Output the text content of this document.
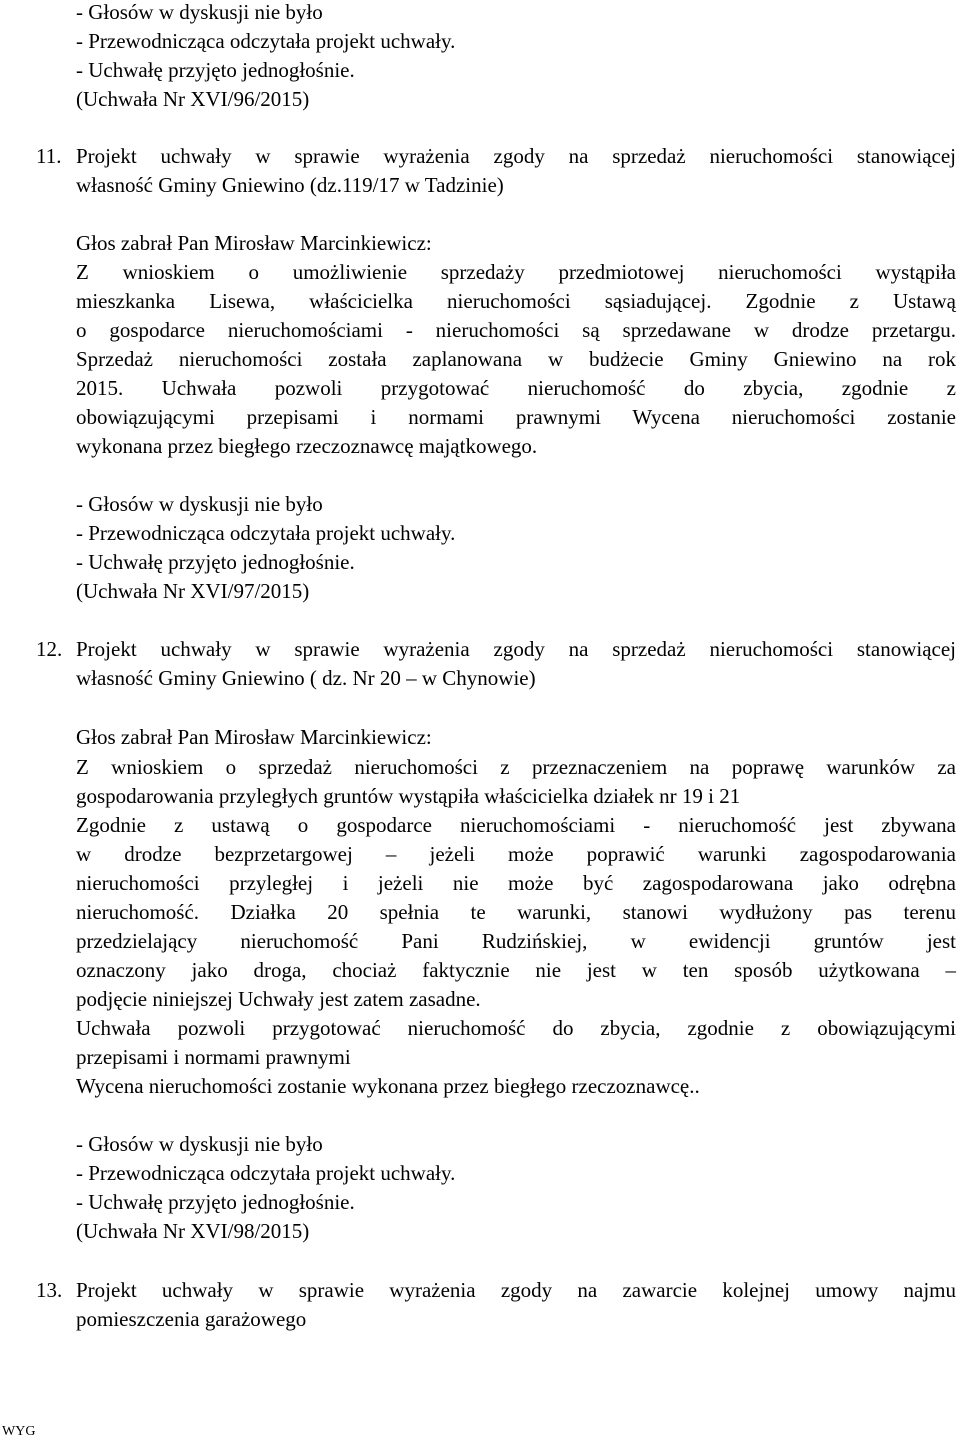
- Głosów w dyskusji nie było
- Przewodnicząca odczytała projekt uchwały.
- Uchwałę przyjęto jednogłośnie.
(Uchwała Nr XVI/96/2015)
11. Projekt uchwały w sprawie wyrażenia zgody na sprzedaż nieruchomości stanowiącej
własność Gminy Gniewino (dz.119/17 w Tadzinie)
Głos zabrał Pan Mirosław Marcinkiewicz:
Z wnioskiem o umożliwienie sprzedaży przedmiotowej nieruchomości wystąpiła
mieszkanka Lisewa, właścicielka nieruchomości sąsiadującej. Zgodnie z Ustawą
o gospodarce nieruchomościami - nieruchomości są sprzedawane w drodze przetargu.
Sprzedaż nieruchomości została zaplanowana w budżecie Gminy Gniewino na rok
2015. Uchwała pozwoli przygotować nieruchomość do zbycia, zgodnie z
obowiązującymi przepisami i normami prawnymi Wycena nieruchomości zostanie
wykonana przez biegłego rzeczoznawcę majątkowego.
- Głosów w dyskusji nie było
- Przewodnicząca odczytała projekt uchwały.
- Uchwałę przyjęto jednogłośnie.
(Uchwała Nr XVI/97/2015)
12. Projekt uchwały w sprawie wyrażenia zgody na sprzedaż nieruchomości stanowiącej
własność Gminy Gniewino ( dz. Nr 20 – w Chynowie)
Głos zabrał Pan Mirosław Marcinkiewicz:
Z wnioskiem o sprzedaż nieruchomości z przeznaczeniem na poprawę warunków za
gospodarowania przyległych gruntów wystąpiła właścicielka działek nr 19 i 21
Zgodnie z ustawą o gospodarce nieruchomościami - nieruchomość jest zbywana
w drodze bezprzetargowej – jeżeli może poprawić warunki zagospodarowania
nieruchomości przyległej i jeżeli nie może być zagospodarowana jako odrębna
nieruchomość. Działka 20 spełnia te warunki, stanowi wydłużony pas terenu
przedzielający nieruchomość Pani Rudzińskiej, w ewidencji gruntów jest
oznaczony jako droga, chociaż faktycznie nie jest w ten sposób użytkowana –
podjęcie niniejszej Uchwały jest zatem zasadne.
Uchwała pozwoli przygotować nieruchomość do zbycia, zgodnie z obowiązującymi
przepisami i normami prawnymi
Wycena nieruchomości zostanie wykonana przez biegłego rzeczoznawcę..
- Głosów w dyskusji nie było
- Przewodnicząca odczytała projekt uchwały.
- Uchwałę przyjęto jednogłośnie.
(Uchwała Nr XVI/98/2015)
13. Projekt uchwały w sprawie wyrażenia zgody na zawarcie kolejnej umowy najmu
pomieszczenia garażowego
WYG
